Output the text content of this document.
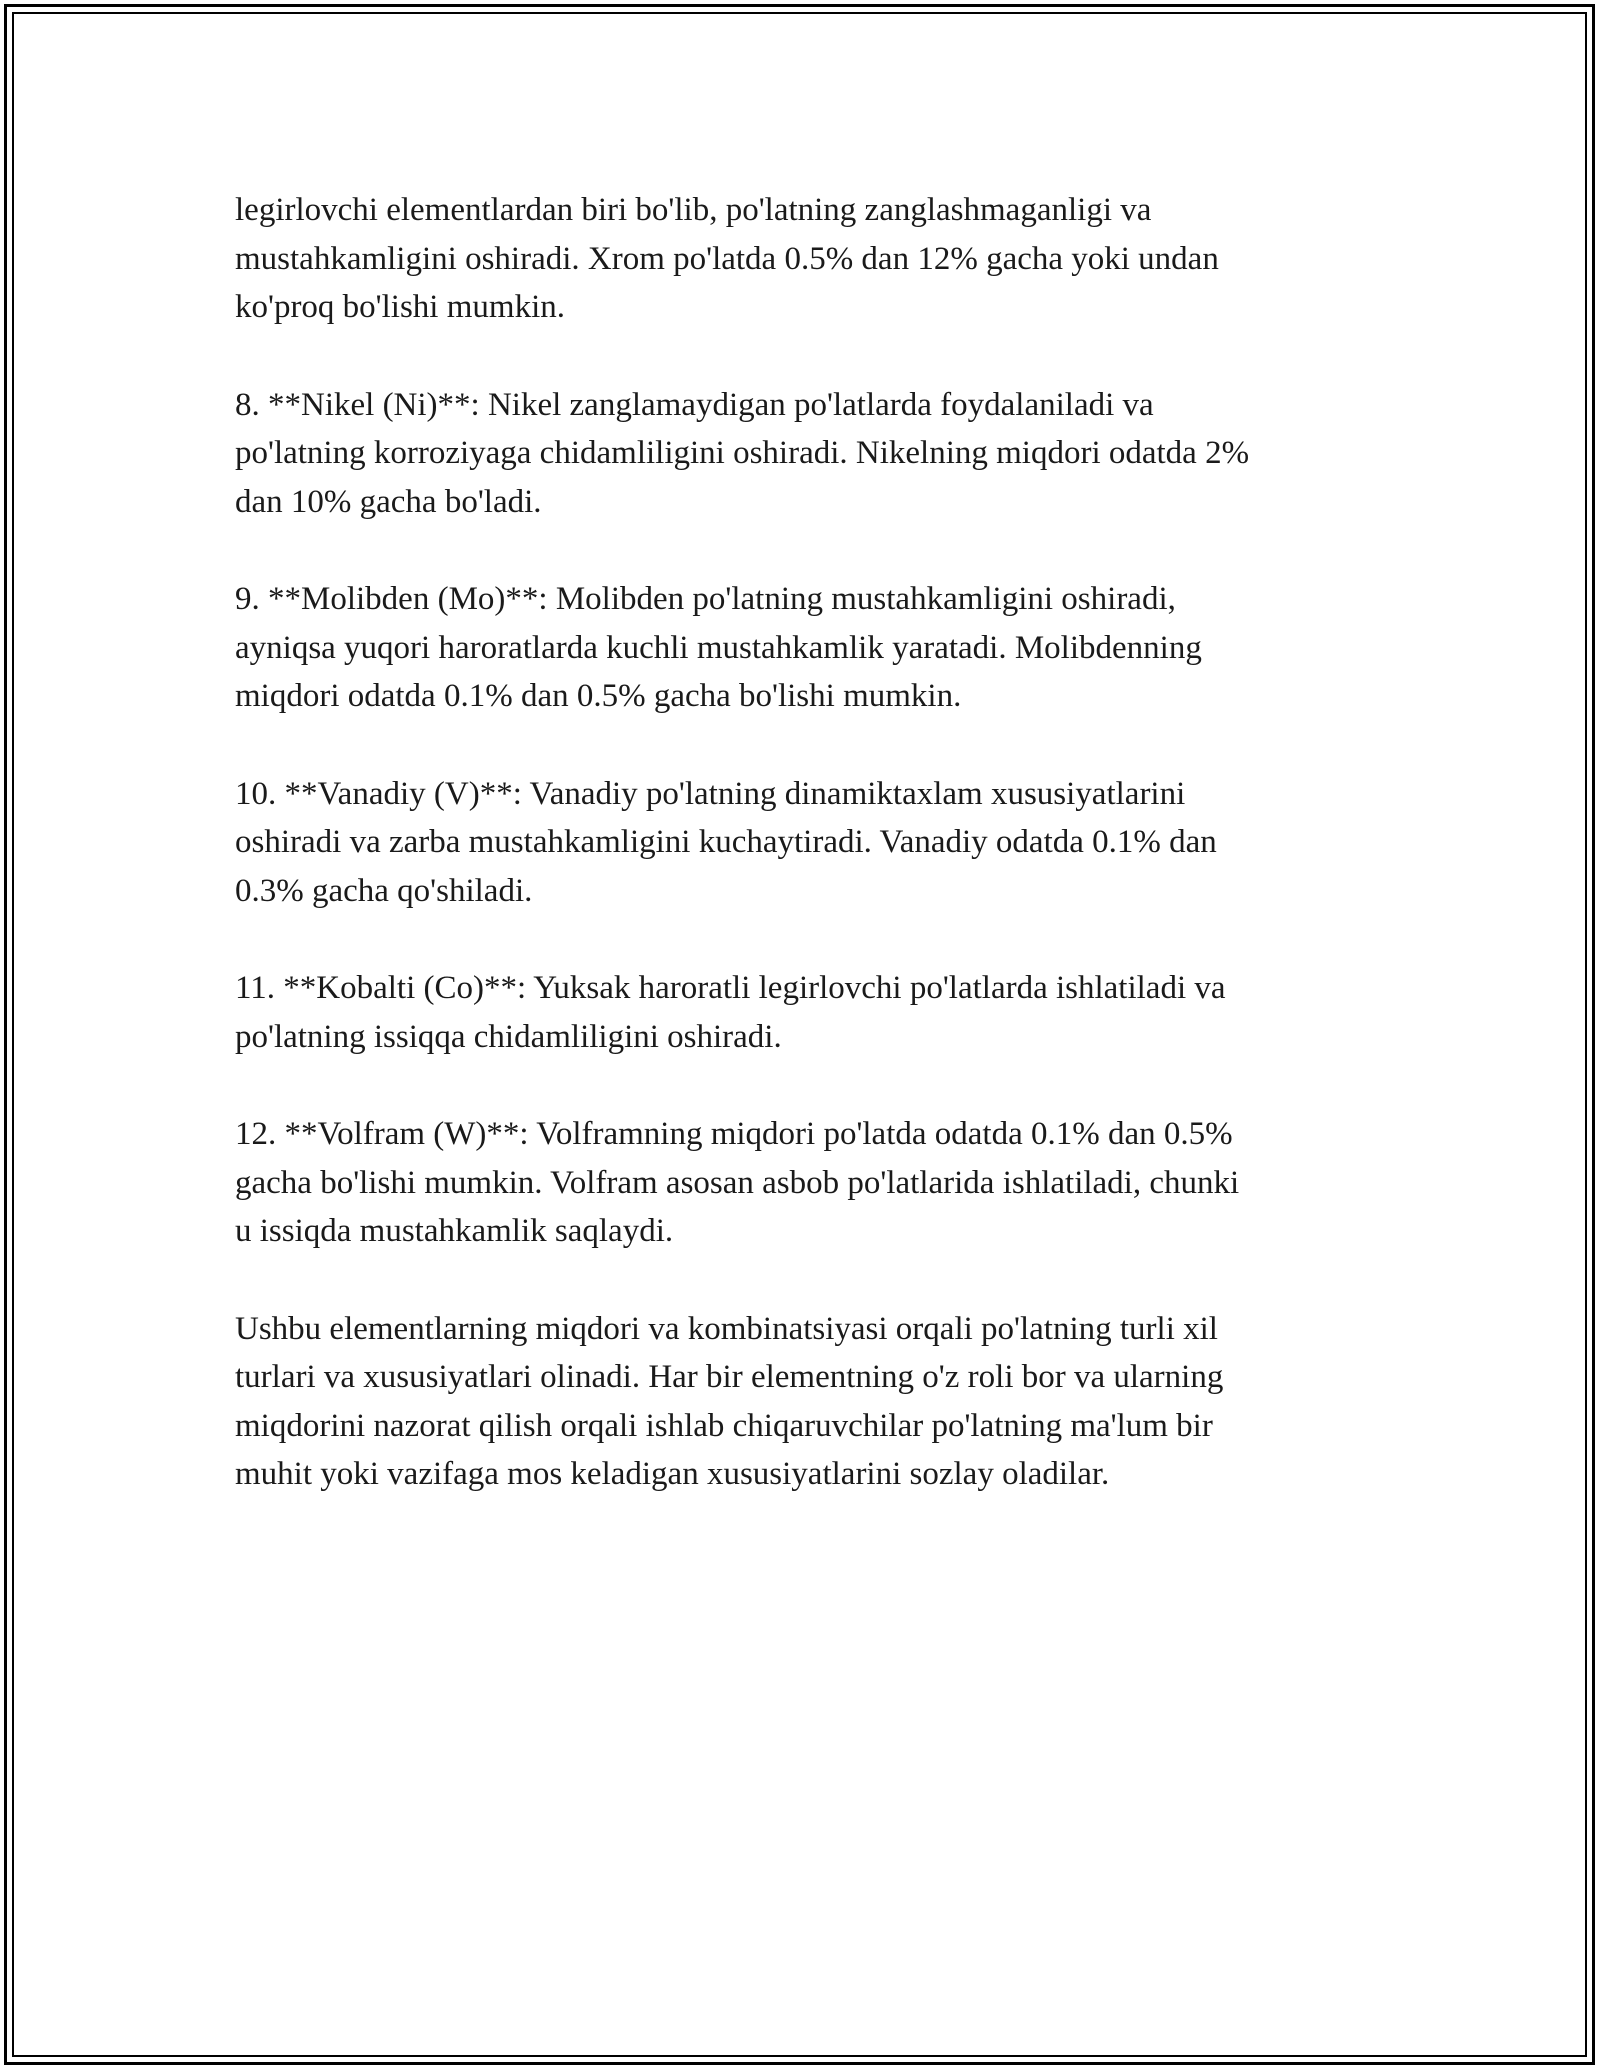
legirlovchi elementlardan biri bo'lib, po'latning zanglashmaganligi va
mustahkamligini oshiradi. Xrom po'latda 0.5% dan 12% gacha yoki undan
ko'proq bo'lishi mumkin.

8. **Nikel (Ni)**: Nikel zanglamaydigan po'latlarda foydalaniladi va
po'latning korroziyaga chidamliligini oshiradi. Nikelning miqdori odatda 2%
dan 10% gacha bo'ladi.

9. **Molibden (Mo)**: Molibden po'latning mustahkamligini oshiradi,
ayniqsa yuqori haroratlarda kuchli mustahkamlik yaratadi. Molibdenning
miqdori odatda 0.1% dan 0.5% gacha bo'lishi mumkin.

10. **Vanadiy (V)**: Vanadiy po'latning dinamiktaxlam xususiyatlarini
oshiradi va zarba mustahkamligini kuchaytiradi. Vanadiy odatda 0.1% dan
0.3% gacha qo'shiladi.

11. **Kobalti (Co)**: Yuksak haroratli legirlovchi po'latlarda ishlatiladi va
po'latning issiqqa chidamliligini oshiradi.

12. **Volfram (W)**: Volframning miqdori po'latda odatda 0.1% dan 0.5%
gacha bo'lishi mumkin. Volfram asosan asbob po'latlarida ishlatiladi, chunki
u issiqda mustahkamlik saqlaydi.

Ushbu elementlarning miqdori va kombinatsiyasi orqali po'latning turli xil
turlari va xususiyatlari olinadi. Har bir elementning o'z roli bor va ularning
miqdorini nazorat qilish orqali ishlab chiqaruvchilar po'latning ma'lum bir
muhit yoki vazifaga mos keladigan xususiyatlarini sozlay oladilar.
